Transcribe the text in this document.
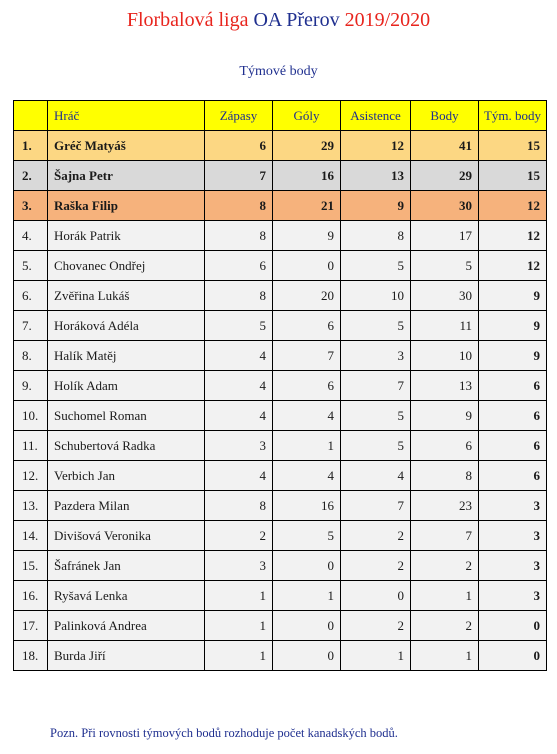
Florbalová liga OA Přerov 2019/2020
Týmové body
	Hráč	Zápasy	Góly	Asistence	Body	Tým. body
1.	Gréč Matyáš	6	29	12	41	15
2.	Šajna Petr	7	16	13	29	15
3.	Raška Filip	8	21	9	30	12
4.	Horák Patrik	8	9	8	17	12
5.	Chovanec Ondřej	6	0	5	5	12
6.	Zvěřina Lukáš	8	20	10	30	9
7.	Horáková Adéla	5	6	5	11	9
8.	Halík Matěj	4	7	3	10	9
9.	Holík Adam	4	6	7	13	6
10.	Suchomel Roman	4	4	5	9	6
11.	Schubertová Radka	3	1	5	6	6
12.	Verbich Jan	4	4	4	8	6
13.	Pazdera Milan	8	16	7	23	3
14.	Divišová Veronika	2	5	2	7	3
15.	Šafránek Jan	3	0	2	2	3
16.	Ryšavá Lenka	1	1	0	1	3
17.	Palinková Andrea	1	0	2	2	0
18.	Burda Jiří	1	0	1	1	0
Pozn. Při rovnosti týmových bodů rozhoduje počet kanadských bodů.
